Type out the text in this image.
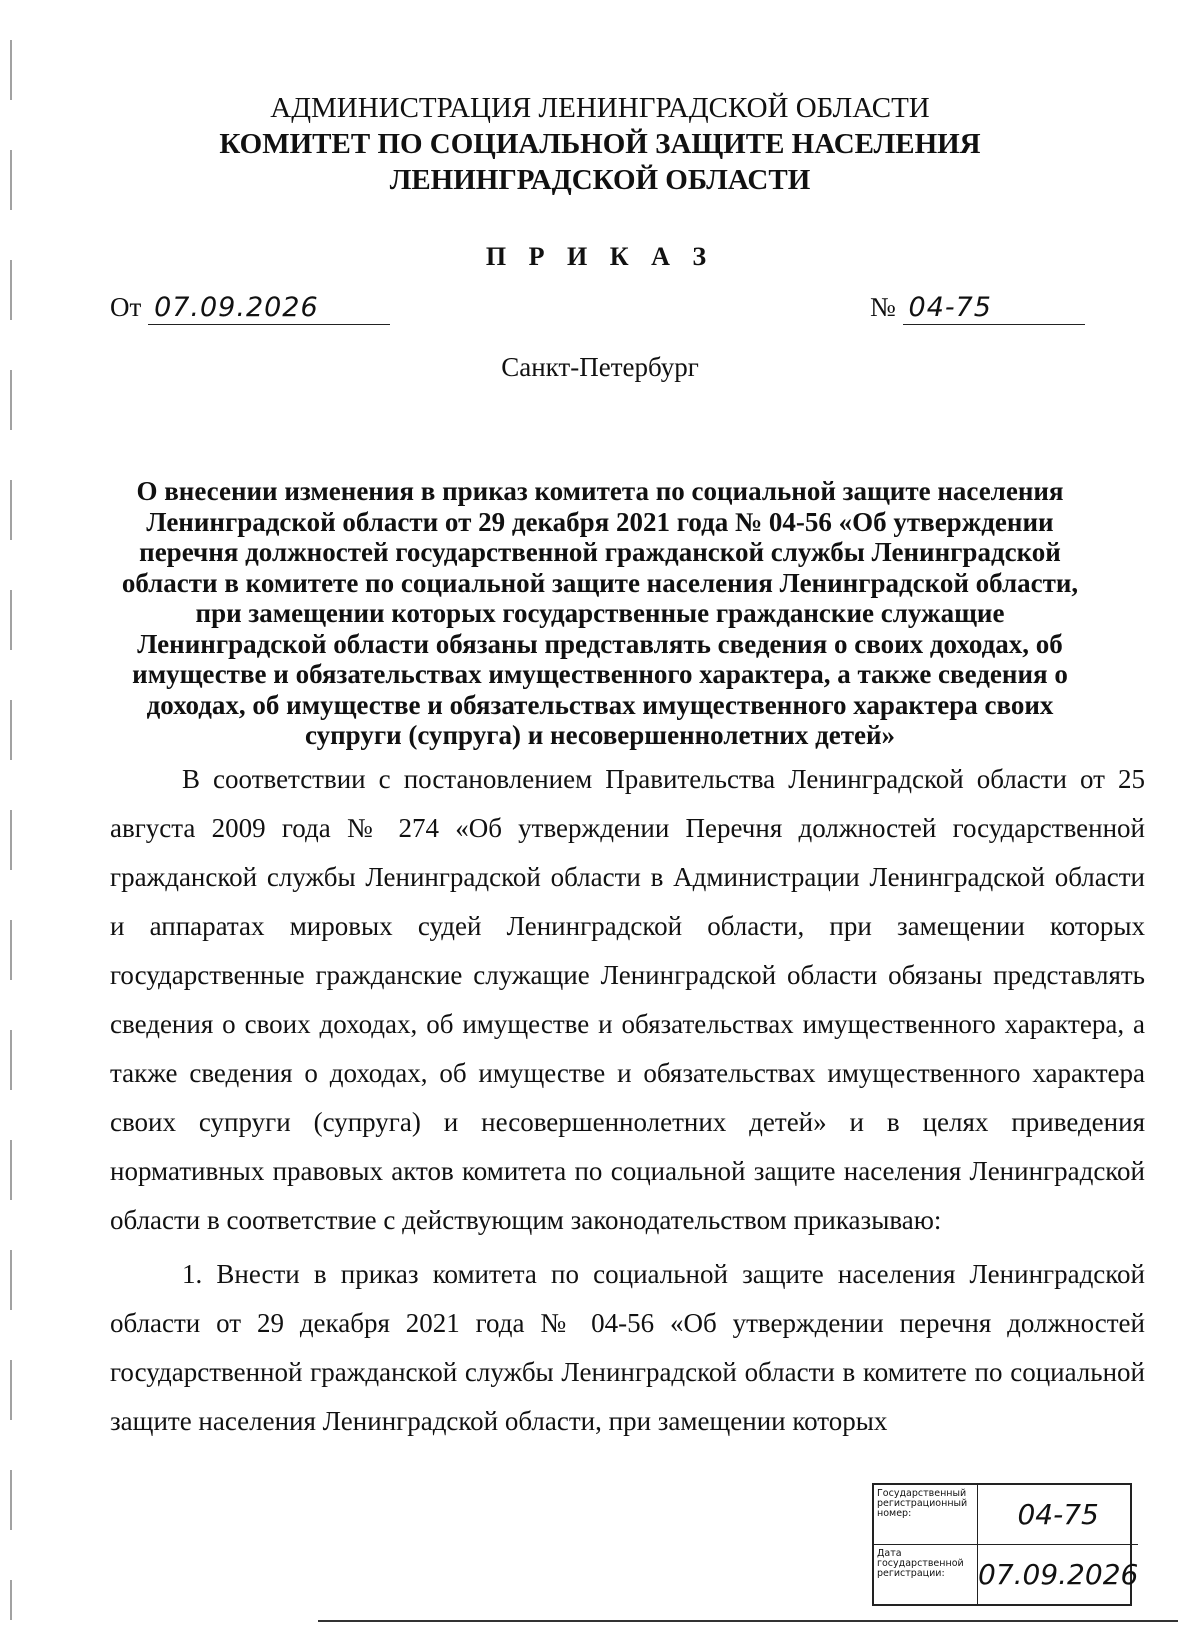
АДМИНИСТРАЦИЯ ЛЕНИНГРАДСКОЙ ОБЛАСТИ
КОМИТЕТ ПО СОЦИАЛЬНОЙ ЗАЩИТЕ НАСЕЛЕНИЯ
ЛЕНИНГРАДСКОЙ ОБЛАСТИ
П Р И К А З
От 07.09.2026	№ 04-75
Санкт-Петербург
О внесении изменения в приказ комитета по социальной защите населения Ленинградской области от 29 декабря 2021 года № 04-56 «Об утверждении перечня должностей государственной гражданской службы Ленинградской области в комитете по социальной защите населения Ленинградской области, при замещении которых государственные гражданские служащие Ленинградской области обязаны представлять сведения о своих доходах, об имуществе и обязательствах имущественного характера, а также сведения о доходах, об имуществе и обязательствах имущественного характера своих супруги (супруга) и несовершеннолетних детей»
В соответствии с постановлением Правительства Ленинградской области от 25 августа 2009 года № 274 «Об утверждении Перечня должностей государственной гражданской службы Ленинградской области в Администрации Ленинградской области и аппаратах мировых судей Ленинградской области, при замещении которых государственные гражданские служащие Ленинградской области обязаны представлять сведения о своих доходах, об имуществе и обязательствах имущественного характера, а также сведения о доходах, об имуществе и обязательствах имущественного характера своих супруги (супруга) и несовершеннолетних детей» и в целях приведения нормативных правовых актов комитета по социальной защите населения Ленинградской области в соответствие с действующим законодательством приказываю:
1. Внести в приказ комитета по социальной защите населения Ленинградской области от 29 декабря 2021 года № 04-56 «Об утверждении перечня должностей государственной гражданской службы Ленинградской области в комитете по социальной защите населения Ленинградской области, при замещении которых
Государственный регистрационный номер:	04-75
Дата государственной регистрации:	07.09.2026
